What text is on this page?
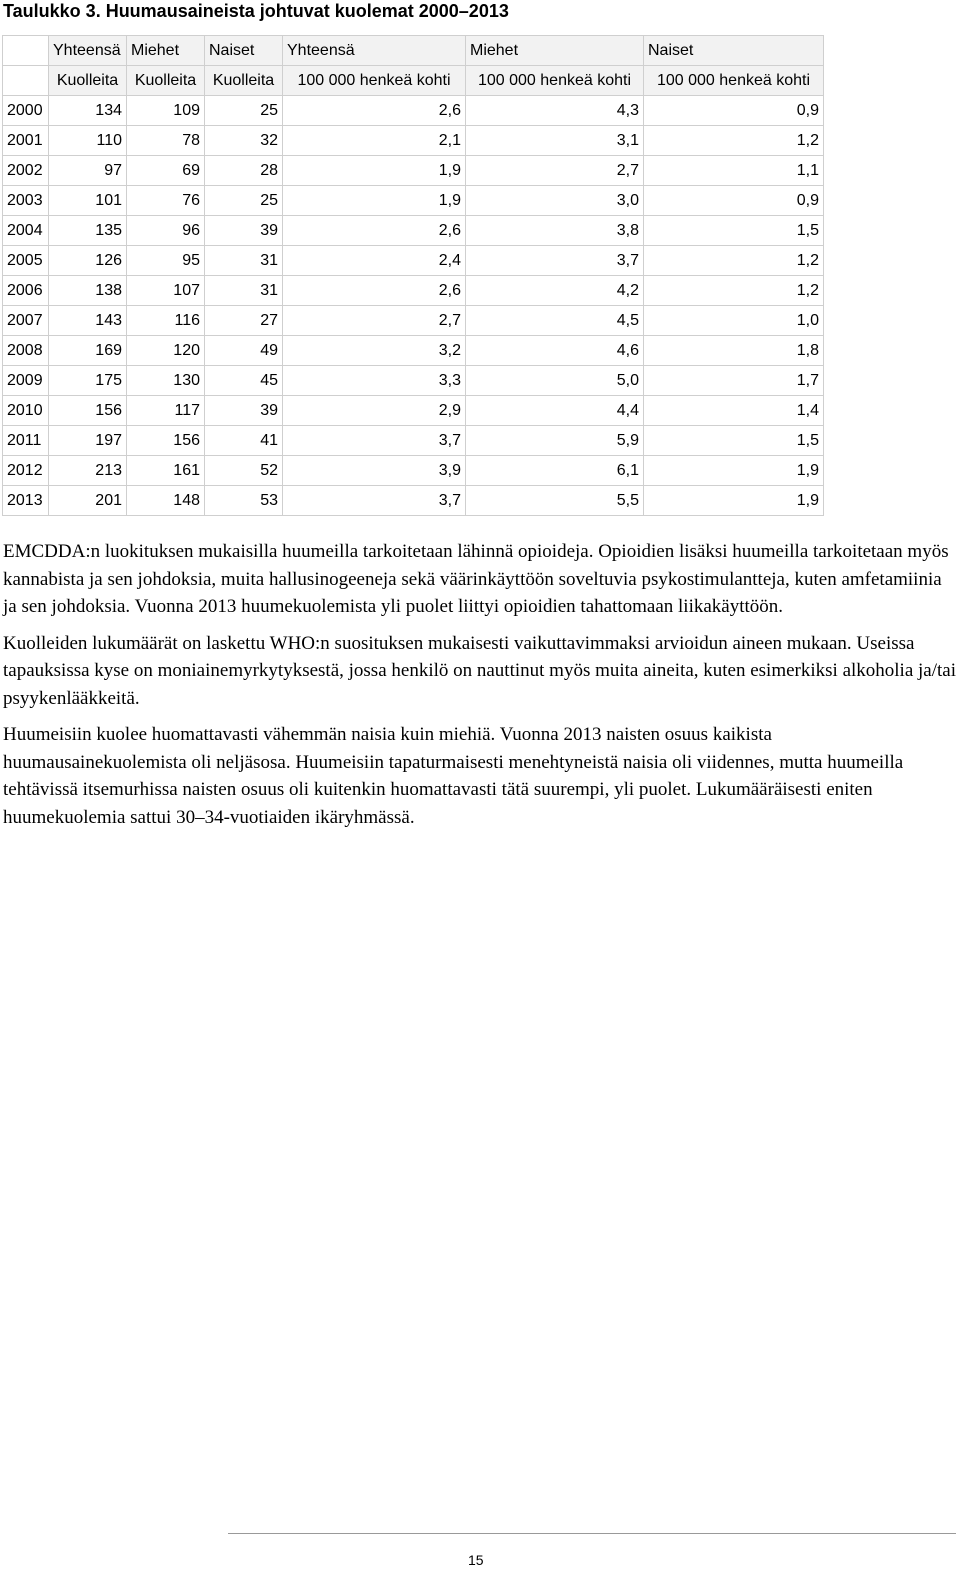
Taulukko 3. Huumausaineista johtuvat kuolemat 2000–2013
	Yhteensä	Miehet	Naiset	Yhteensä	Miehet	Naiset
	Kuolleita	Kuolleita	Kuolleita	100 000 henkeä kohti	100 000 henkeä kohti	100 000 henkeä kohti
2000	134	109	25	2,6	4,3	0,9
2001	110	78	32	2,1	3,1	1,2
2002	97	69	28	1,9	2,7	1,1
2003	101	76	25	1,9	3,0	0,9
2004	135	96	39	2,6	3,8	1,5
2005	126	95	31	2,4	3,7	1,2
2006	138	107	31	2,6	4,2	1,2
2007	143	116	27	2,7	4,5	1,0
2008	169	120	49	3,2	4,6	1,8
2009	175	130	45	3,3	5,0	1,7
2010	156	117	39	2,9	4,4	1,4
2011	197	156	41	3,7	5,9	1,5
2012	213	161	52	3,9	6,1	1,9
2013	201	148	53	3,7	5,5	1,9

EMCDDA:n luokituksen mukaisilla huumeilla tarkoitetaan lähinnä opioideja. Opioidien lisäksi huumeilla tarkoitetaan myös kannabista ja sen johdoksia, muita hallusinogeeneja sekä väärinkäyttöön soveltuvia psykostimulantteja, kuten amfetamiinia ja sen johdoksia. Vuonna 2013 huumekuolemista yli puolet liittyi opioidien tahattomaan liikakäyttöön.

Kuolleiden lukumäärät on laskettu WHO:n suosituksen mukaisesti vaikuttavimmaksi arvioidun aineen mukaan. Useissa tapauksissa kyse on moniainemyrkytyksestä, jossa henkilö on nauttinut myös muita aineita, kuten esimerkiksi alkoholia ja/tai psyykenlääkkeitä.

Huumeisiin kuolee huomattavasti vähemmän naisia kuin miehiä. Vuonna 2013 naisten osuus kaikista huumausainekuolemista oli neljäsosa. Huumeisiin tapaturmaisesti menehtyneistä naisia oli viidennes, mutta huumeilla tehtävissä itsemurhissa naisten osuus oli kuitenkin huomattavasti tätä suurempi, yli puolet. Lukumääräisesti eniten huumekuolemia sattui 30–34-vuotiaiden ikäryhmässä.

15
